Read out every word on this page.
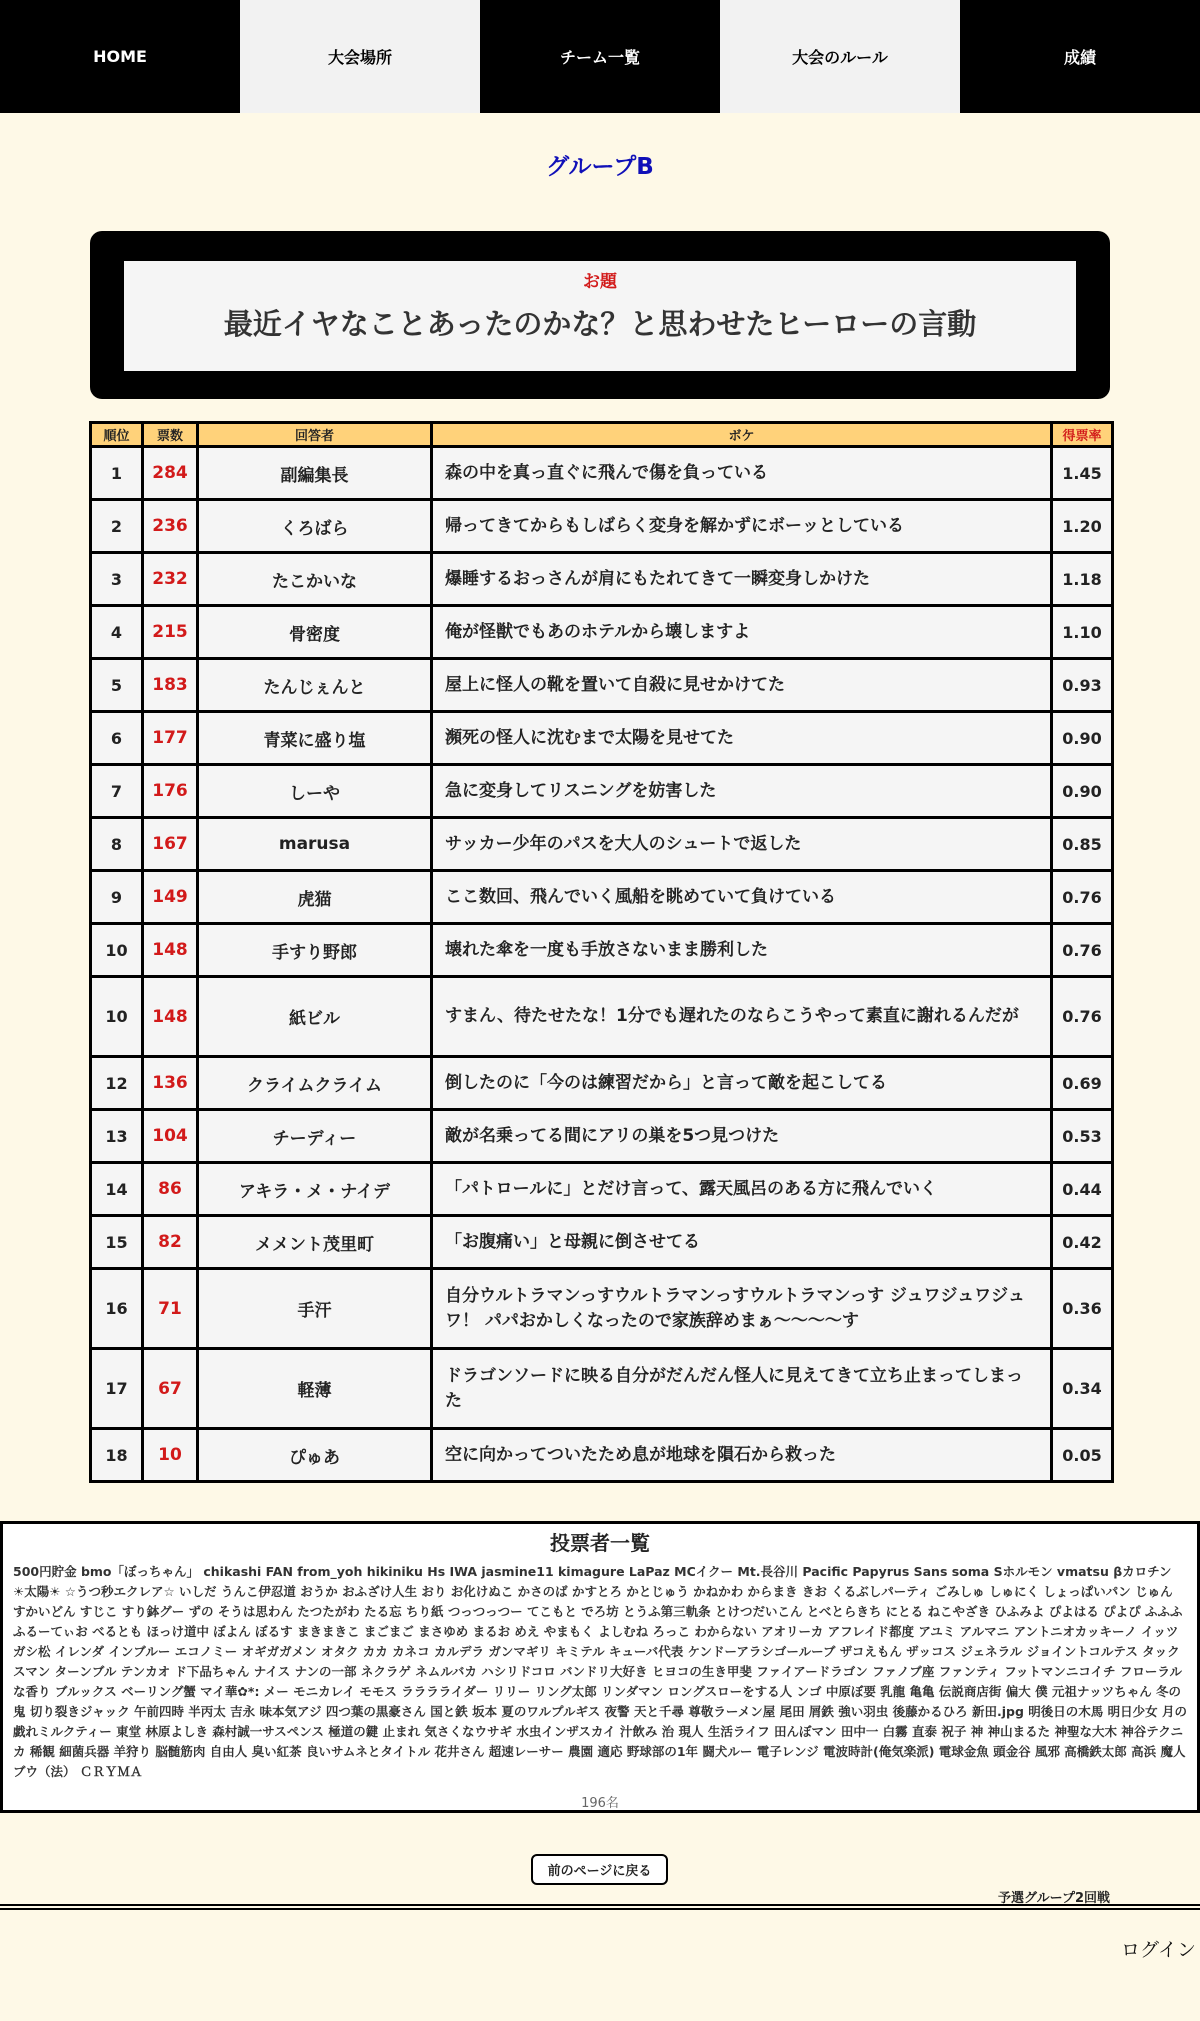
HOME	大会場所	チーム一覧	大会のルール	成績
グループB
お題
最近イヤなことあったのかな？と思わせたヒーローの言動
順位	票数	回答者	ボケ	得票率
1	284	副編集長	森の中を真っ直ぐに飛んで傷を負っている	1.45
2	236	くろばら	帰ってきてからもしばらく変身を解かずにボーッとしている	1.20
3	232	たこかいな	爆睡するおっさんが肩にもたれてきて一瞬変身しかけた	1.18
4	215	骨密度	俺が怪獣でもあのホテルから壊しますよ	1.10
5	183	たんじぇんと	屋上に怪人の靴を置いて自殺に見せかけてた	0.93
6	177	青菜に盛り塩	瀕死の怪人に沈むまで太陽を見せてた	0.90
7	176	しーや	急に変身してリスニングを妨害した	0.90
8	167	marusa	サッカー少年のパスを大人のシュートで返した	0.85
9	149	虎猫	ここ数回、飛んでいく風船を眺めていて負けている	0.76
10	148	手すり野郎	壊れた傘を一度も手放さないまま勝利した	0.76
10	148	紙ビル	すまん、待たせたな！1分でも遅れたのならこうやって素直に謝れるんだが	0.76
12	136	クライムクライム	倒したのに「今のは練習だから」と言って敵を起こしてる	0.69
13	104	チーディー	敵が名乗ってる間にアリの巣を5つ見つけた	0.53
14	86	アキラ・メ・ナイデ	「パトロールに」とだけ言って、露天風呂のある方に飛んでいく	0.44
15	82	メメント茂里町	「お腹痛い」と母親に倒させてる	0.42
16	71	手汗	自分ウルトラマンっすウルトラマンっすウルトラマンっす ジュワジュワジュワ！ パパおかしくなったので家族辞めまぁ〜〜〜〜す	0.36
17	67	軽薄	ドラゴンソードに映る自分がだんだん怪人に見えてきて立ち止まってしまった	0.34
18	10	ぴゅあ	空に向かってついたため息が地球を隕石から救った	0.05
投票者一覧
500円貯金 bmo「ぼっちゃん」 chikashi FAN from_yoh hikiniku Hs IWA jasmine11 kimagure LaPaz MCイクー Mt.長谷川 Pacific Papyrus Sans soma Sホルモン vmatsu βカロチン ☀太陽☀ ☆うつ秒エクレア☆ いしだ うんこ伊忍道 おうか おふざけ人生 おり お化けぬこ かさのば かすとろ かとじゅう かねかわ からまき きお くるぶしパーティ ごみしゅ しゅにく しょっぱいパン じゅん すかいどん すじこ すり鉢グー ずの そうは思わん たつたがわ たる忘 ちり紙 つっつっつー てこもと でろ坊 とうふ第三軌条 とけつだいこん とべとらきち にとる ねこやざき ひふみよ ぴよはる ぴよぴ ふふふ ふるーてぃお べるとも ほっけ道中 ぼよん ぼるす まきまきこ まごまご まさゆめ まるお めえ やまもく よしむね ろっこ わからない アオリーカ アフレイド都度 アユミ アルマニ アントニオカッキーノ イッツガシ松 イレンダ インブルー エコノミー オギガガメン オタク カカ カネコ カルデラ ガンマギリ キミテル キューバ代表 ケンドーアラシゴールーブ ザコえもん ザッコス ジェネラル ジョイントコルテス タックスマン ターンブル テンカオ ド下品ちゃん ナイス ナンの一部 ネクラゲ ネムルバカ ハシリドコロ バンドリ大好き ヒヨコの生き甲斐 ファイアードラゴン ファノブ座 ファンティ フットマンニコイチ フローラルな香り ブルックス ベーリング蟹 マイ華✿*: メー モニカレイ モモス ラララライダー リリー リング太郎 リンダマン ロングスローをする人 ンゴ 中原ぼ要 乳龍 亀亀 伝説商店街 偏大 僕 元祖ナッツちゃん 冬の鬼 切り裂きジャック 午前四時 半丙太 吉永 味本気アジ 四つ葉の黒豪さん 国と鉄 坂本 夏のワルプルギス 夜警 天と千尋 尊敬ラーメン屋 尾田 屑鉄 強い羽虫 後藤かるひろ 新田.jpg 明後日の木馬 明日少女 月の戯れミルクティー 東堂 林原よしき 森村誠一サスペンス 極道の鍵 止まれ 気さくなウサギ 水虫インザスカイ 汁飲み 治 現人 生活ライフ 田んぼマン 田中一 白霧 直泰 祝子 神 神山まるた 神聖な大木 神谷テクニカ 稀観 細菌兵器 羊狩り 脳髄筋肉 自由人 臭い紅茶 良いサムネとタイトル 花井さん 超速レーサー 農園 適応 野球部の1年 闘犬ルー 電子レンジ 電波時計(俺気楽派) 電球金魚 頭金谷 風邪 高橋鉄太郎 高浜 魔人ブウ（法） ＣＲＹＭＡ
196名
前のページに戻る
予選グループ2回戦
ログイン
